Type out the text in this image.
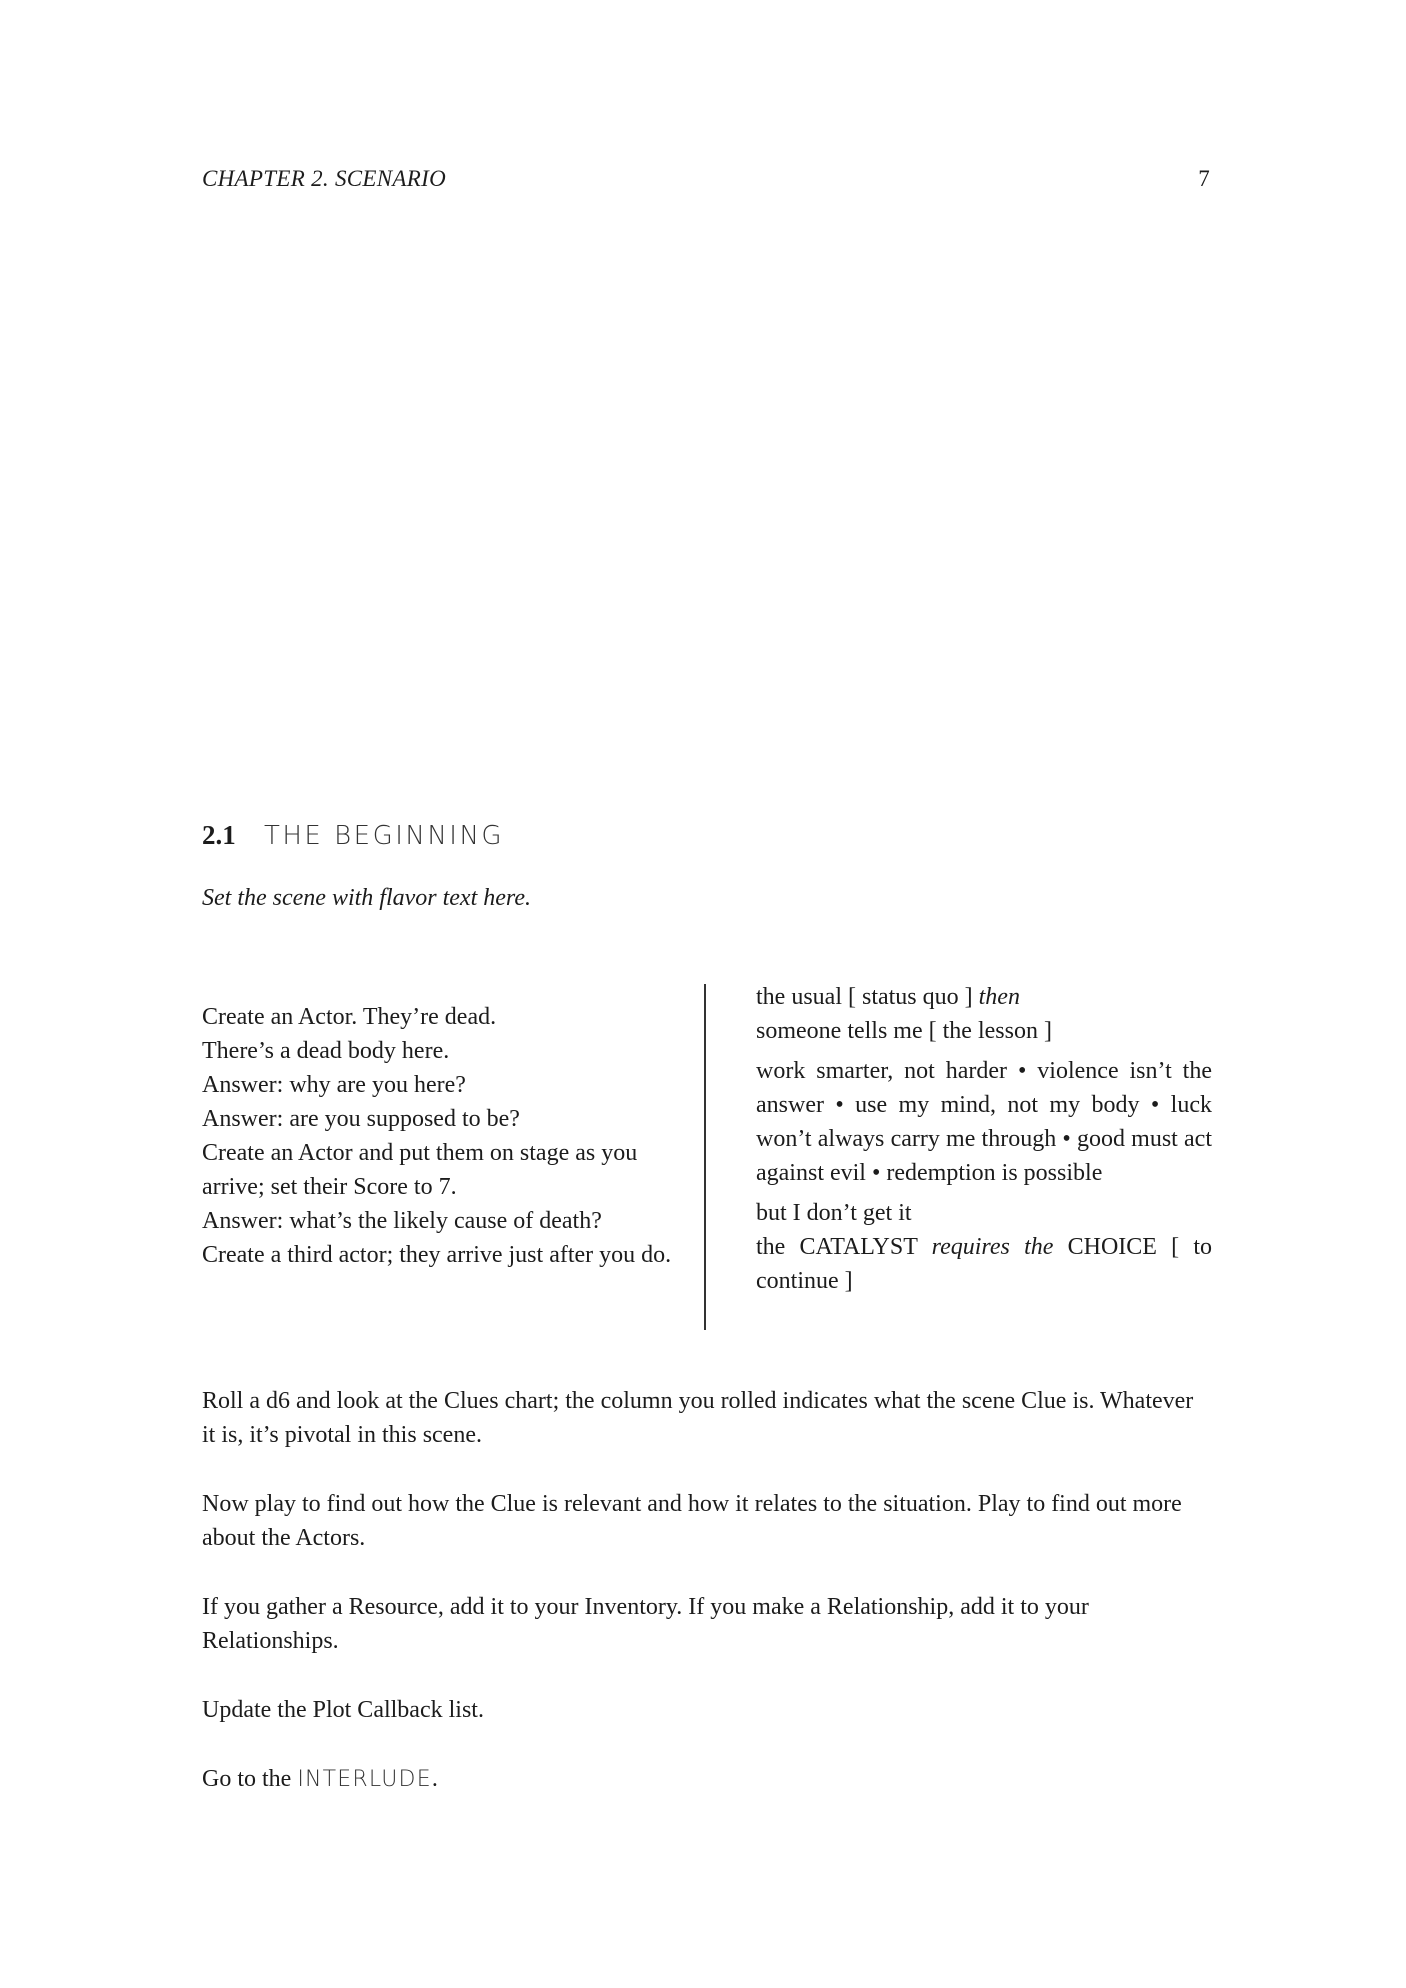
CHAPTER 2. SCENARIO	7
2.1	THE BEGINNING
Set the scene with flavor text here.
Create an Actor. They’re dead.
There’s a dead body here.
Answer: why are you here?
Answer: are you supposed to be?
Create an Actor and put them on stage as you arrive; set their Score to 7.
Answer: what’s the likely cause of death?
Create a third actor; they arrive just after you do.

the usual [ status quo ] then

someone tells me [ the lesson ]

work smarter, not harder • violence isn’t the answer • use my mind, not my body • luck won’t always carry me through • good must act against evil • redemption is possible

but I don’t get it

the CATALYST requires the CHOICE [ to continue ]

Roll a d6 and look at the Clues chart; the column you rolled indicates what the scene Clue is. Whatever it is, it’s pivotal in this scene.

Now play to find out how the Clue is relevant and how it relates to the situation. Play to find out more about the Actors.

If you gather a Resource, add it to your Inventory. If you make a Relationship, add it to your Relationships.

Update the Plot Callback list.

Go to the INTERLUDE.
